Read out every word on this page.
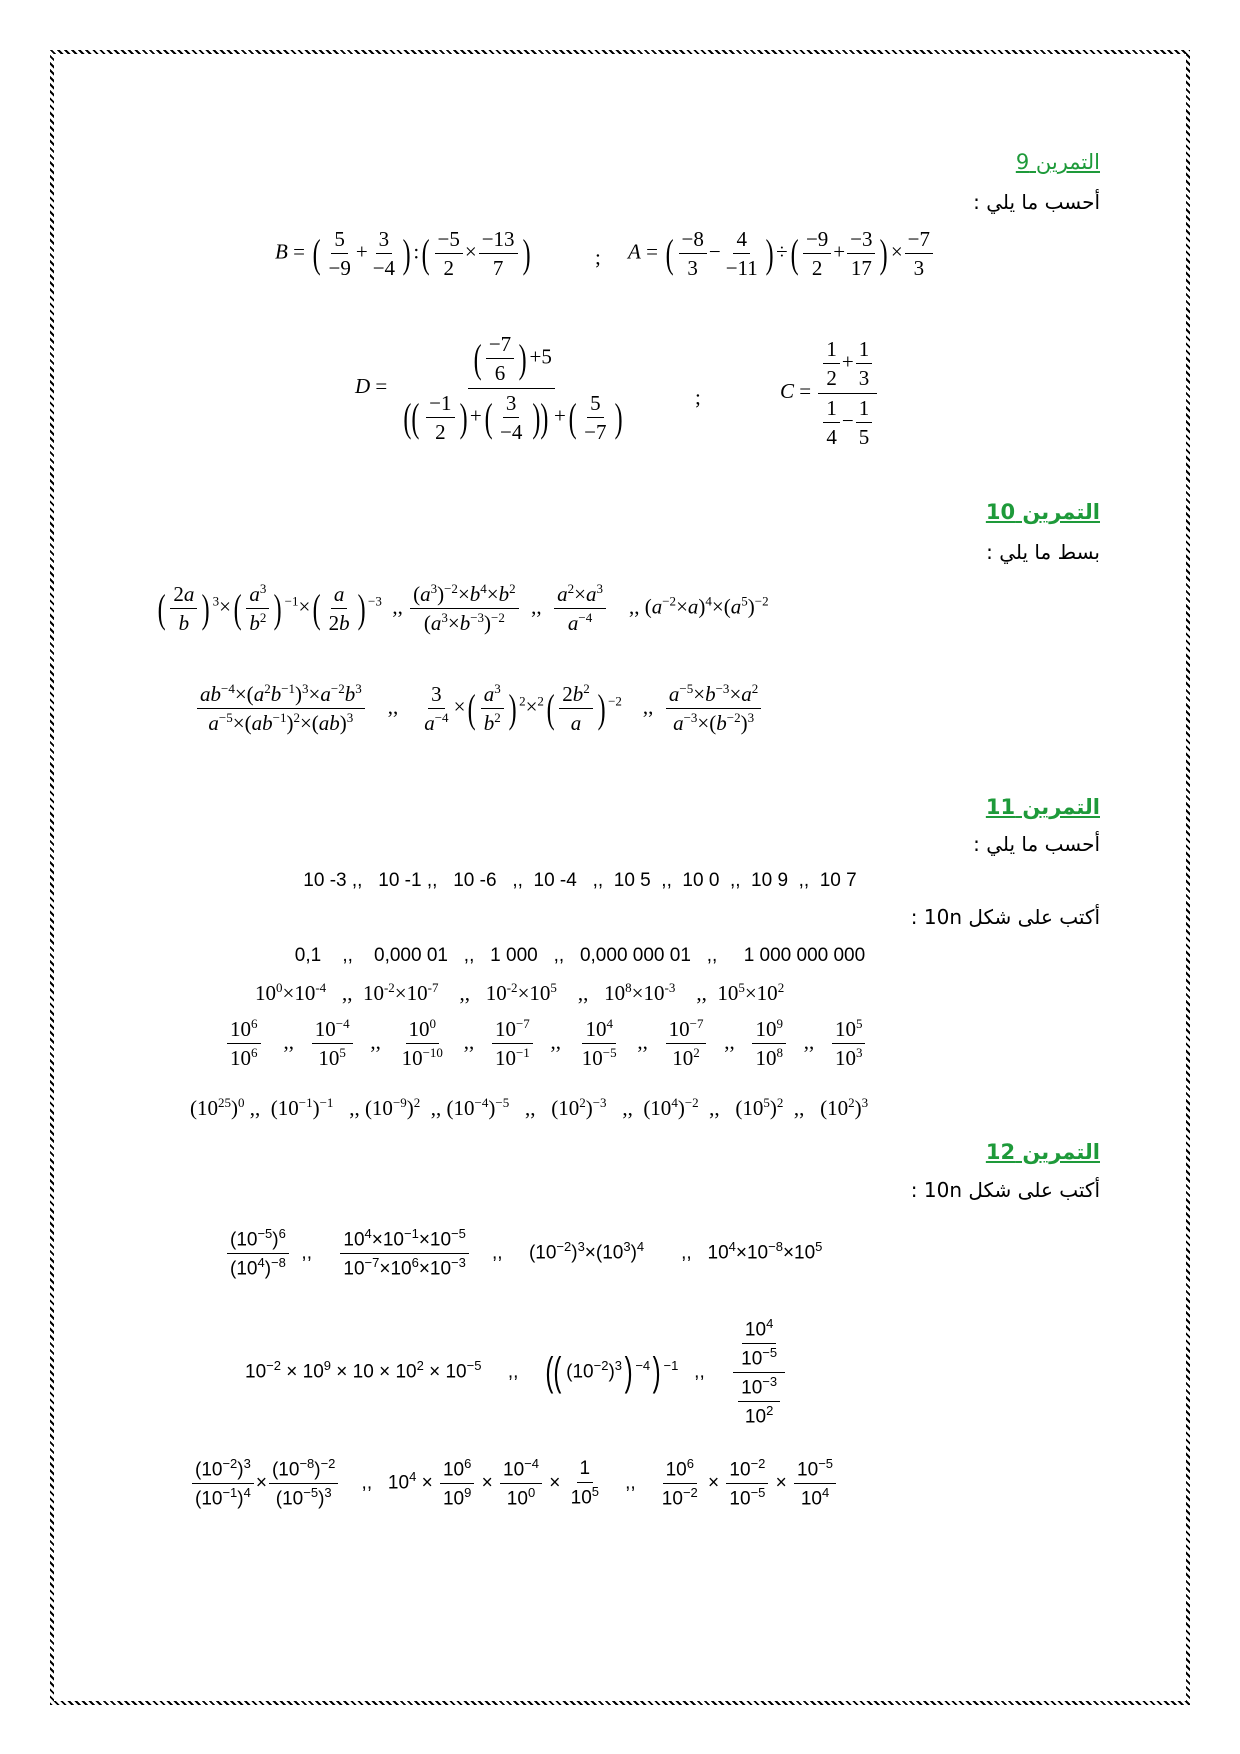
التمرين 9
أحسب ما يلي :
B = ( $\frac{5}{-9} + \frac{3}{-4}$ ) :( $\frac{-5}{2} \times \frac{-13}{7}$ )	; A = ( $\frac{-8}{3} - \frac{4}{-11}$ ) ÷( $\frac{-9}{2} + \frac{-3}{17}$ ) × $\frac{-7}{3}$
$D = \frac{( \frac{-7}{6} ) +5}{(( \frac{-1}{2} ) +( \frac{3}{-4} )) +( \frac{5}{-7} )}$	;	$C = \frac{\frac{1}{2} + \frac{1}{3}}{\frac{1}{4} - \frac{1}{5}}$
التمرين 10
بسط ما يلي :
( $\frac{2a}{b}$ ) $^3\times( \frac{a^3}{b^2}$ ) $^{-1}\times( \frac{a}{2b}$ ) $^{-3}$  ,, $\frac{(a^3)^{-2}\times b^4\times b^2}{(a^3\times b^{-3})^{-2}}$ ,, $\frac{a^2\times a^3}{a^{-4}}$ ,, $(a^{-2}\times a)^4\times(a^5)^{-2}$
$\frac{ab^{-4}\times(a^2b^{-1})^3\times a^{-2}b^3}{a^{-5}\times(ab^{-1})^2\times(ab)^3}$ ,, $\frac{3}{a^{-4}}$ ×( $\frac{a^3}{b^2}$ ) $^2\times^2( \frac{2b^2}{a}$ ) $^{-2}$    ,, $\frac{a^{-5}\times b^{-3}\times a^2}{a^{-3}\times(b^{-2})^3}$
التمرين 11
أحسب ما يلي :
10 -3 ,,   10 -1 ,,   10 -6   ,,  10 -4   ,,  10 5  ,,  10 0  ,,  10 9  ,,  10 7
أكتب على شكل 10n :
0,1    ,,    0,000 01   ,,   1 000   ,,   0,000 000 01   ,,     1 000 000 000
$10^0\times 10^{-4}$   ,,  $10^{-2}\times 10^{-7}$    ,,   $10^{-2}\times 10^5$    ,,   $10^8\times 10^{-3}$    ,,  $10^5\times 10^2$
$\frac{10^6}{10^6}$ ,, $\frac{10^{-4}}{10^5}$ ,, $\frac{10^0}{10^{-10}}$ ,, $\frac{10^{-7}}{10^{-1}}$ ,, $\frac{10^4}{10^{-5}}$ ,, $\frac{10^{-7}}{10^2}$ ,, $\frac{10^9}{10^8}$ ,, $\frac{10^5}{10^3}$
$(10^{25})^0$ ,,  $(10^{-1})^{-1}$   ,, $(10^{-9})^2$  ,, $(10^{-4})^{-5}$   ,,   $(10^2)^{-3}$   ,,  $(10^4)^{-2}$  ,,   $(10^5)^2$  ,,   $(10^2)^3$
التمرين 12
أكتب على شكل 10n :
$\frac{(10^{-5})^6}{(10^4)^{-8}}$ ,, $\frac{10^4\times 10^{-1}\times 10^{-5}}{10^{-7}\times 10^6\times 10^{-3}}$ ,,     $(10^{-2})^3\times(10^3)^4$       ,,   $10^4\times 10^{-8}\times 10^5$
$10^{-2} \times 10^9 \times 10 \times 10^2 \times 10^{-5}$     ,,    (( $(10^{-2})^3$) $^{-4}$) $^{-1}$   ,, $\frac{\frac{10^4}{10^{-5}}}{\frac{10^{-3}}{10^2}}$
$\frac{(10^{-2})^3}{(10^{-1})^4} \times \frac{(10^{-8})^{-2}}{(10^{-5})^3}$ ,,   $10^4 \times \frac{10^6}{10^9} \times \frac{10^{-4}}{10^0} \times \frac{1}{10^5}$ ,, $\frac{10^6}{10^{-2}} \times \frac{10^{-2}}{10^{-5}} \times \frac{10^{-5}}{10^4}$
